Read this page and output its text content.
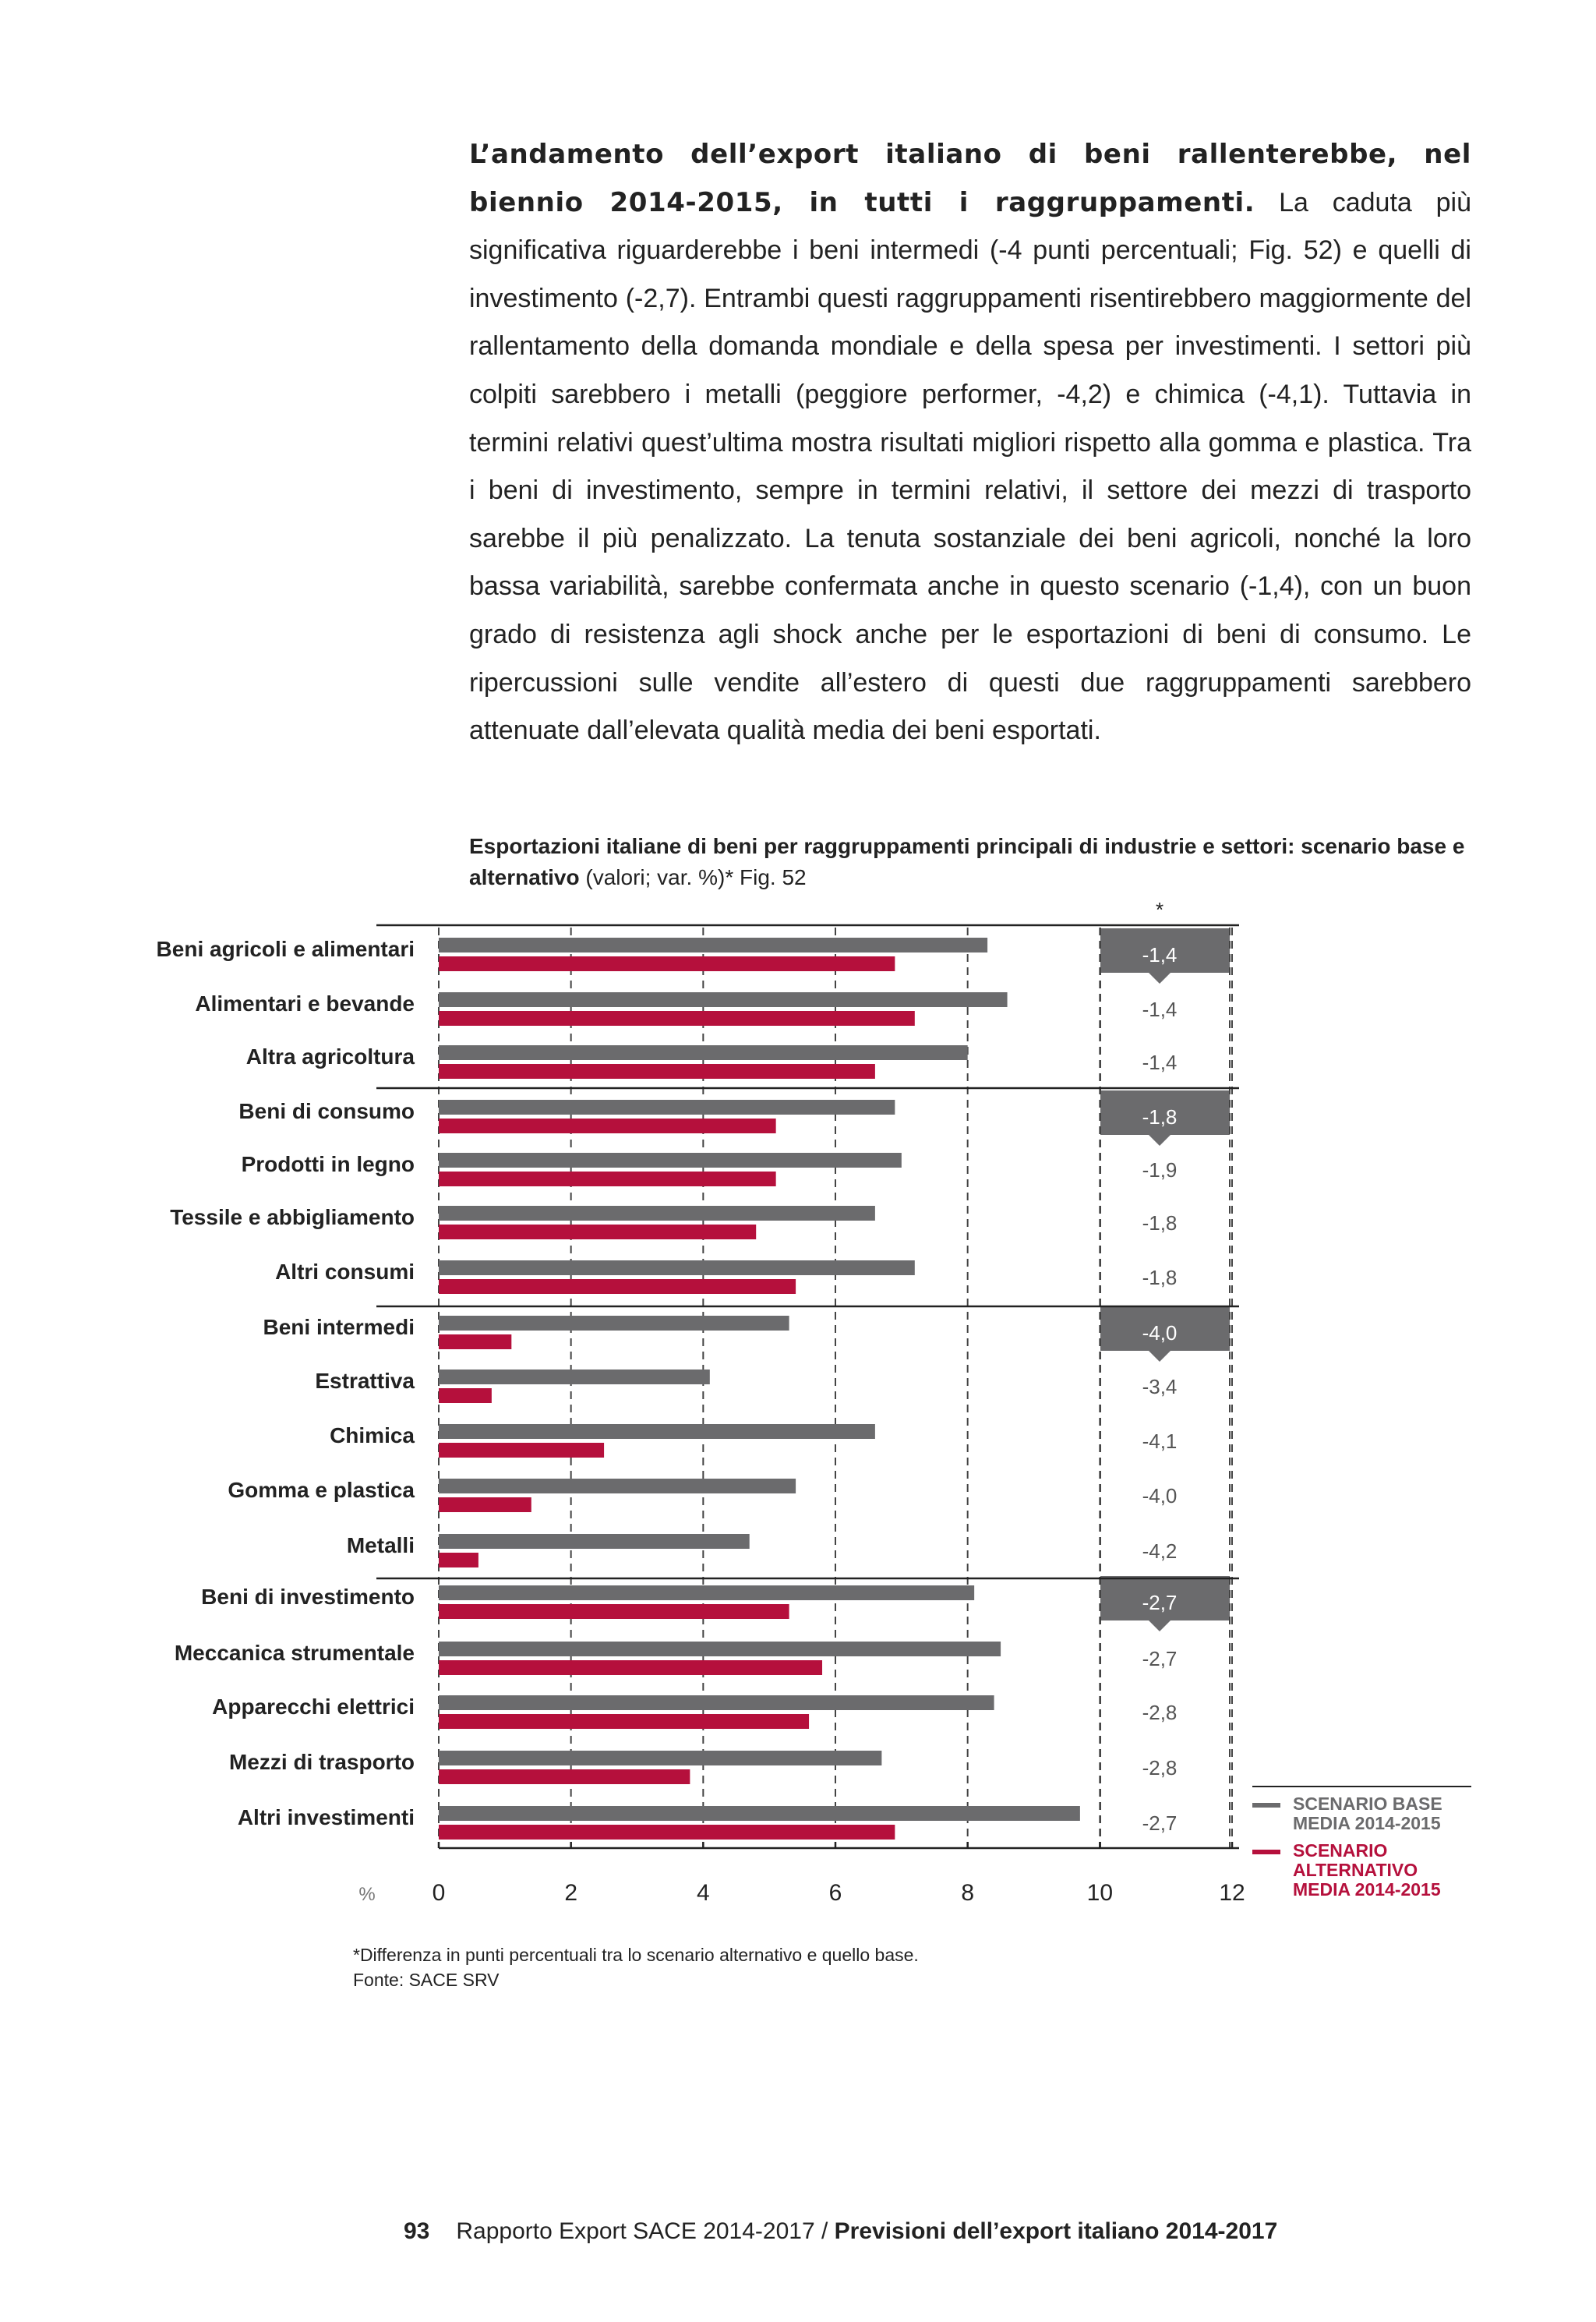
L’andamento dell’export italiano di beni rallenterebbe, nel biennio 2014-2015, in tutti i raggruppamenti. La caduta più significativa riguarderebbe i beni intermedi (-4 punti percentuali; Fig. 52) e quelli di investimento (-2,7). Entrambi questi raggruppamenti risentirebbero maggiormente del rallentamento della domanda mondiale e della spesa per investimenti. I settori più colpiti sarebbero i metalli (peggiore performer, -4,2) e chimica (-4,1). Tuttavia in termini relativi quest’ultima mostra risultati migliori rispetto alla gomma e plastica. Tra i beni di investimento, sempre in termini relativi, il settore dei mezzi di trasporto sarebbe il più penalizzato. La tenuta sostanziale dei beni agricoli, nonché la loro bassa variabilità, sarebbe confermata anche in questo scenario (-1,4), con un buon grado di resistenza agli shock anche per le esportazioni di beni di consumo. Le ripercussioni sulle vendite all’estero di questi due raggruppamenti sarebbero attenuate dall’elevata qualità media dei beni esportati.

Esportazioni italiane di beni per raggruppamenti principali di industrie e settori: scenario base e alternativo (valori; var. %)* Fig. 52
Beni agricoli e alimentari	-1,4
Alimentari e bevande	-1,4
Altra agricoltura	-1,4
Beni di consumo	-1,8
Prodotti in legno	-1,9
Tessile e abbigliamento	-1,8
Altri consumi	-1,8
Beni intermedi	-4,0
Estrattiva	-3,4
Chimica	-4,1
Gomma e plastica	-4,0
Metalli	-4,2
Beni di investimento	-2,7
Meccanica strumentale	-2,7
Apparecchi elettrici	-2,8
Mezzi di trasporto	-2,8
Altri investimenti	-2,7
*
0	2	4	6	8	10	12
%
SCENARIO BASE MEDIA 2014-2015
SCENARIO ALTERNATIVO MEDIA 2014-2015
*Differenza in punti percentuali tra lo scenario alternativo e quello base.
Fonte: SACE SRV
93 Rapporto Export SACE 2014-2017 / Previsioni dell’export italiano 2014-2017
